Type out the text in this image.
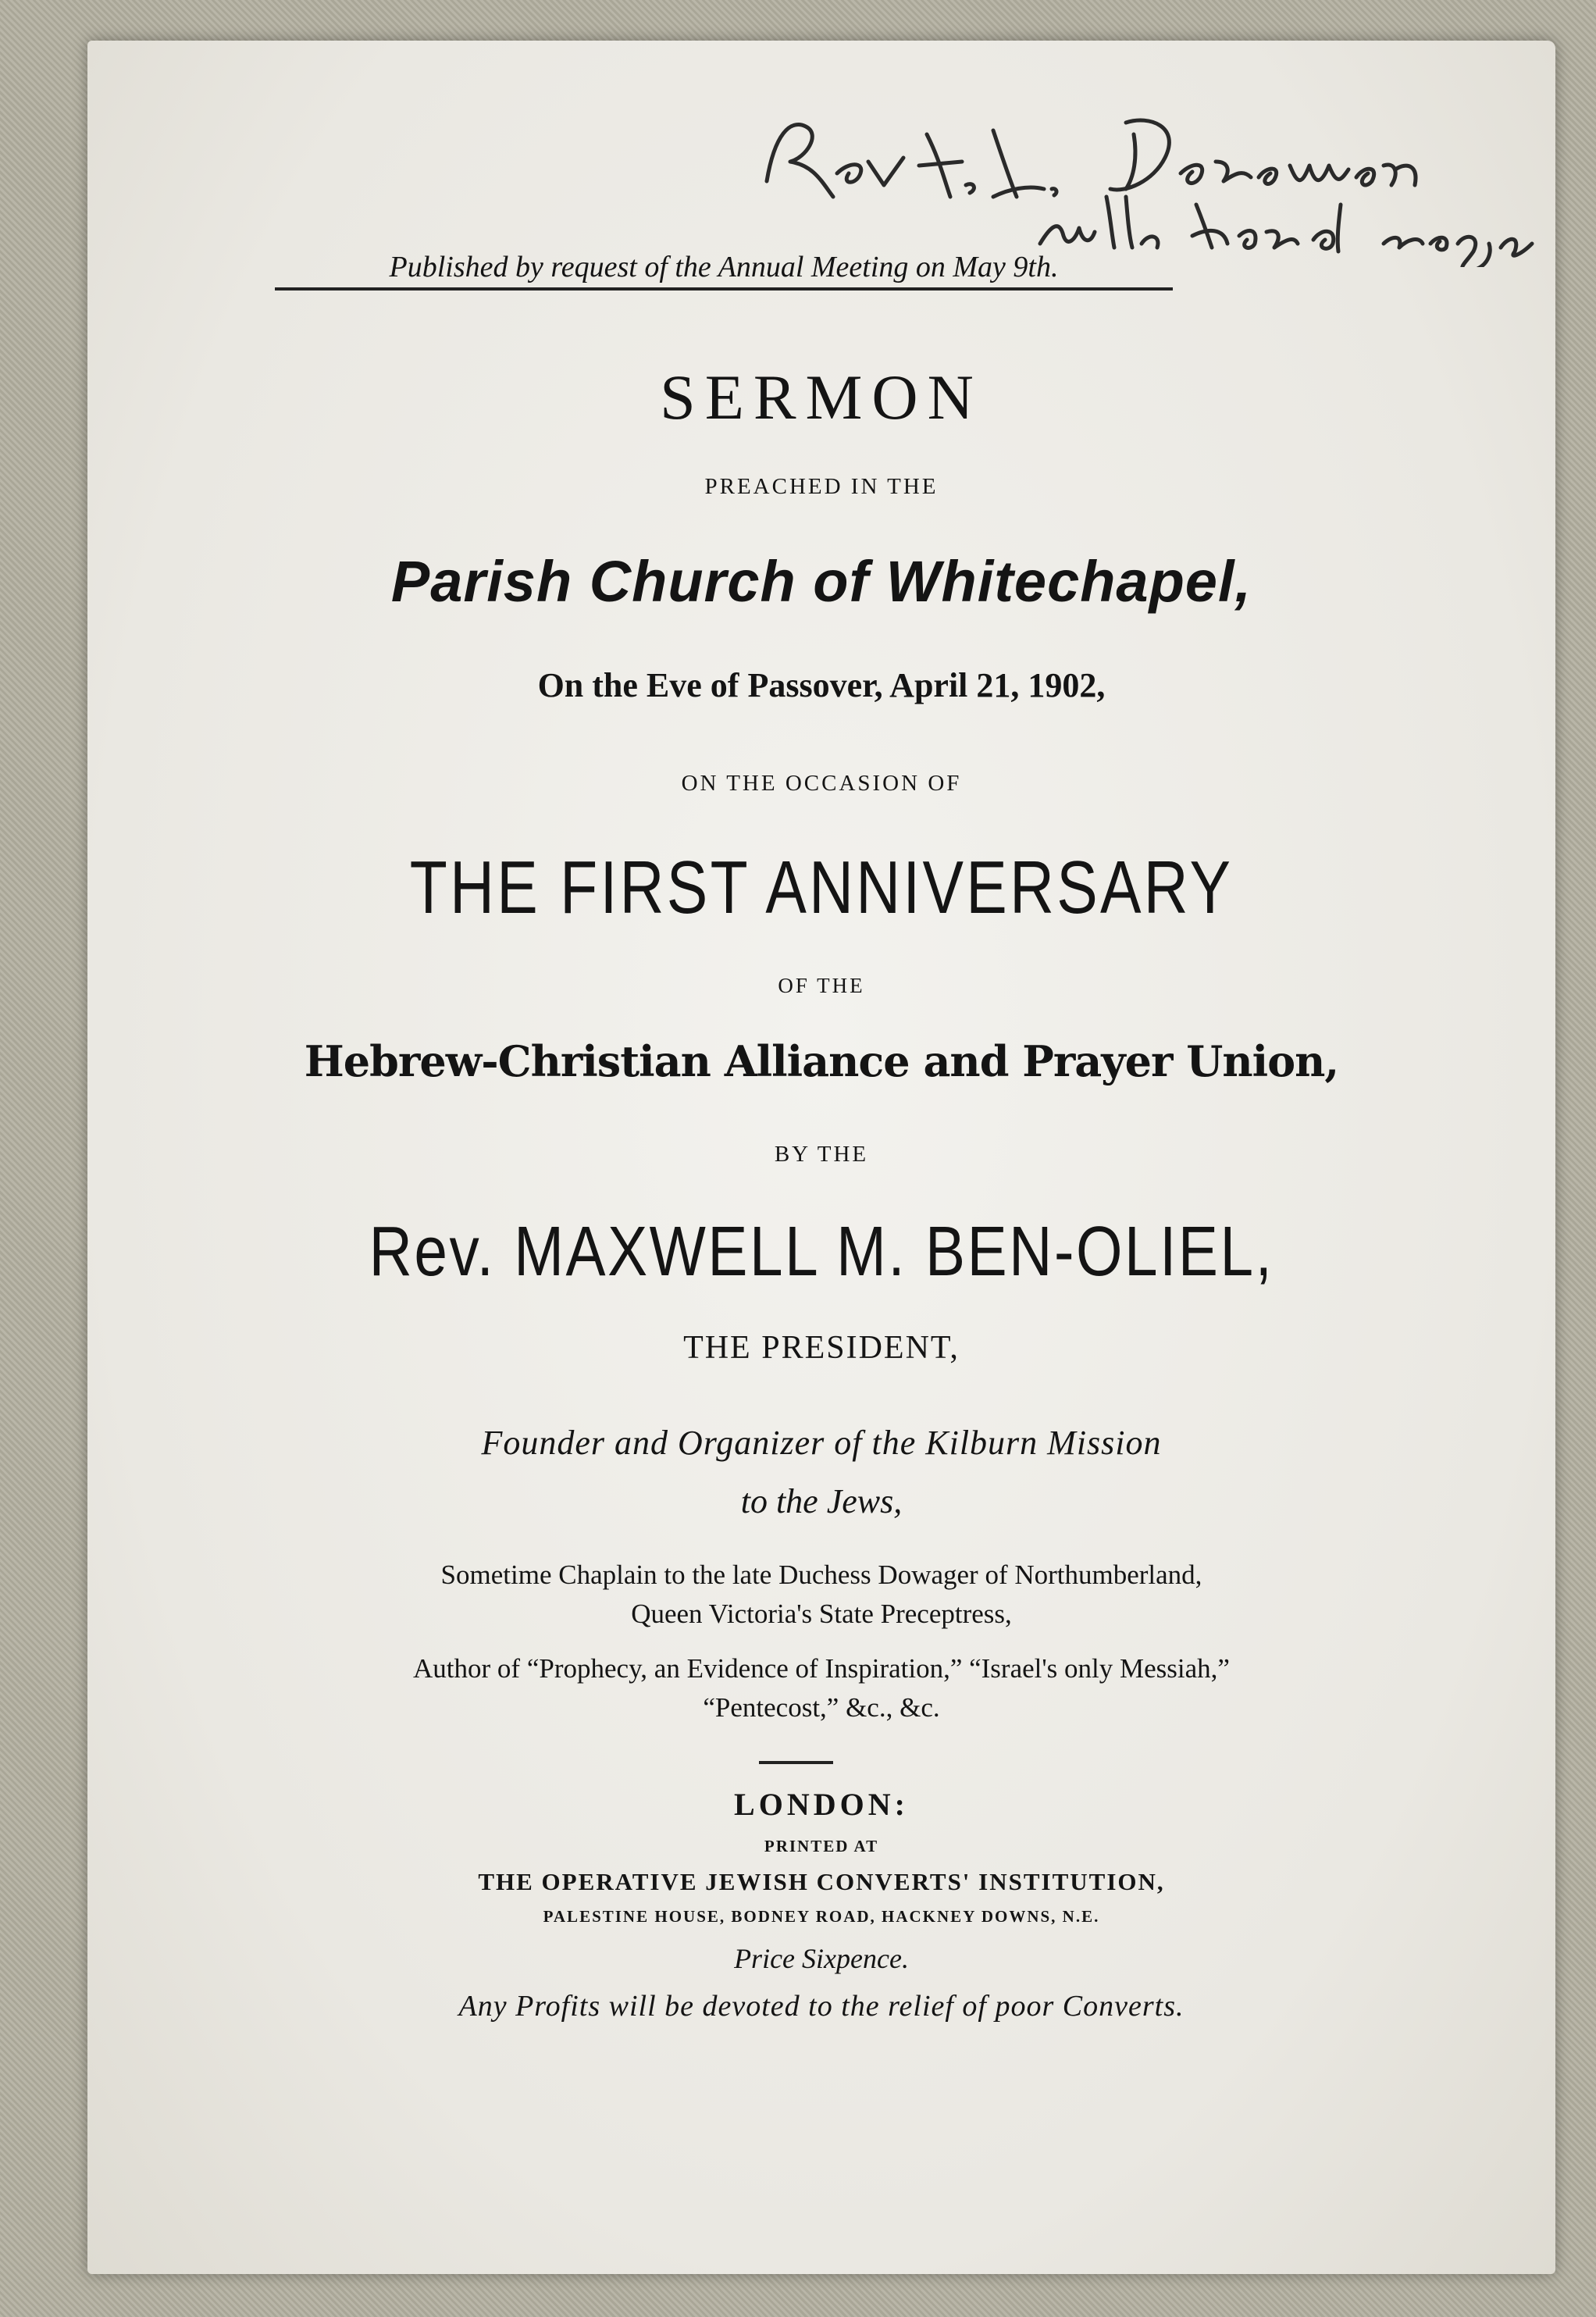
Published by request of the Annual Meeting on May 9th.
SERMON
PREACHED IN THE
Parish Church of Whitechapel,
On the Eve of Passover, April 21, 1902,
ON THE OCCASION OF
THE FIRST ANNIVERSARY
OF THE
Hebrew-Christian Alliance and Prayer Union,
BY THE
Rev. MAXWELL M. BEN-OLIEL,
THE PRESIDENT,
Founder and Organizer of the Kilburn Mission
to the Jews,
Sometime Chaplain to the late Duchess Dowager of Northumberland,
Queen Victoria's State Preceptress,
Author of “Prophecy, an Evidence of Inspiration,” “Israel's only Messiah,”
“Pentecost,” &c., &c.
LONDON:
PRINTED AT
THE OPERATIVE JEWISH CONVERTS' INSTITUTION,
PALESTINE HOUSE, BODNEY ROAD, HACKNEY DOWNS, N.E.
Price Sixpence.
Any Profits will be devoted to the relief of poor Converts.
